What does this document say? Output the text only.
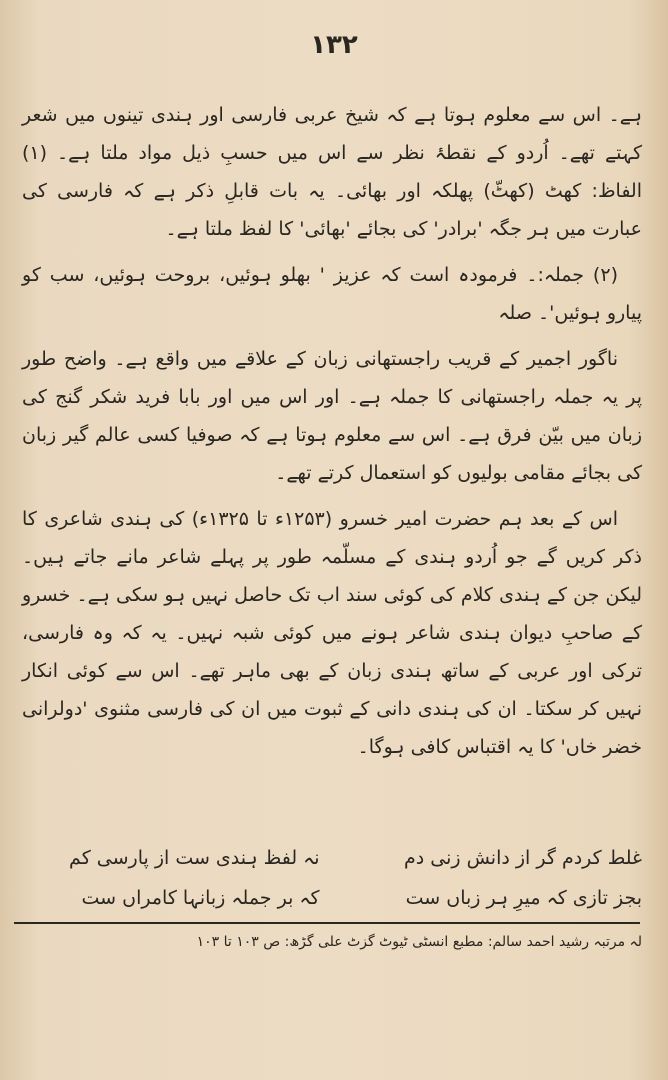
۱۳۲

ہے۔ اس سے معلوم ہوتا ہے کہ شیخ عربی فارسی اور ہندی تینوں میں شعر کہتے تھے۔ اُردو کے نقطۂ نظر سے اس میں حسبِ ذیل مواد ملتا ہے۔ (۱) الفاظ: کھٹ (کھٹّ) پھلکہ اور بھائی۔ یہ بات قابلِ ذکر ہے کہ فارسی کی عبارت میں ہر جگہ 'برادر' کی بجائے 'بھائی' کا لفظ ملتا ہے۔

(۲) جملہ:۔ فرمودہ است کہ عزیز ' بھلو ہوئیں، بروحت ہوئیں، سب کو پیارو ہوئیں'۔ صلہ

ناگور اجمیر کے قریب راجستھانی زبان کے علاقے میں واقع ہے۔ واضح طور پر یہ جملہ راجستھانی کا جملہ ہے۔ اور اس میں اور بابا فرید شکر گنج کی زبان میں بیّن فرق ہے۔ اس سے معلوم ہوتا ہے کہ صوفیا کسی عالم گیر زبان کی بجائے مقامی بولیوں کو استعمال کرتے تھے۔

اس کے بعد ہم حضرت امیر خسرو (۱۲۵۳ء تا ۱۳۲۵ء) کی ہندی شاعری کا ذکر کریں گے جو اُردو ہندی کے مسلّمہ طور پر پہلے شاعر مانے جاتے ہیں۔ لیکن جن کے ہندی کلام کی کوئی سند اب تک حاصل نہیں ہو سکی ہے۔ خسرو کے صاحبِ دیوان ہندی شاعر ہونے میں کوئی شبہ نہیں۔ یہ کہ وہ فارسی، ترکی اور عربی کے ساتھ ہندی زبان کے بھی ماہر تھے۔ اس سے کوئی انکار نہیں کر سکتا۔ ان کی ہندی دانی کے ثبوت میں ان کی فارسی مثنوی 'دولرانی خضر خاں' کا یہ اقتباس کافی ہوگا۔

غلط کردم گر از دانش زنی دم
نہ لفظ ہندی ست از پارسی کم
بجز تازی کہ میرِ ہر زباں ست
کہ بر جملہ زبانہا کامراں ست
لہ مرتبہ رشید احمد سالم: مطبع انسٹی ٹیوٹ گزٹ علی گڑھ: ص ۱۰۳ تا ۱۰۳
